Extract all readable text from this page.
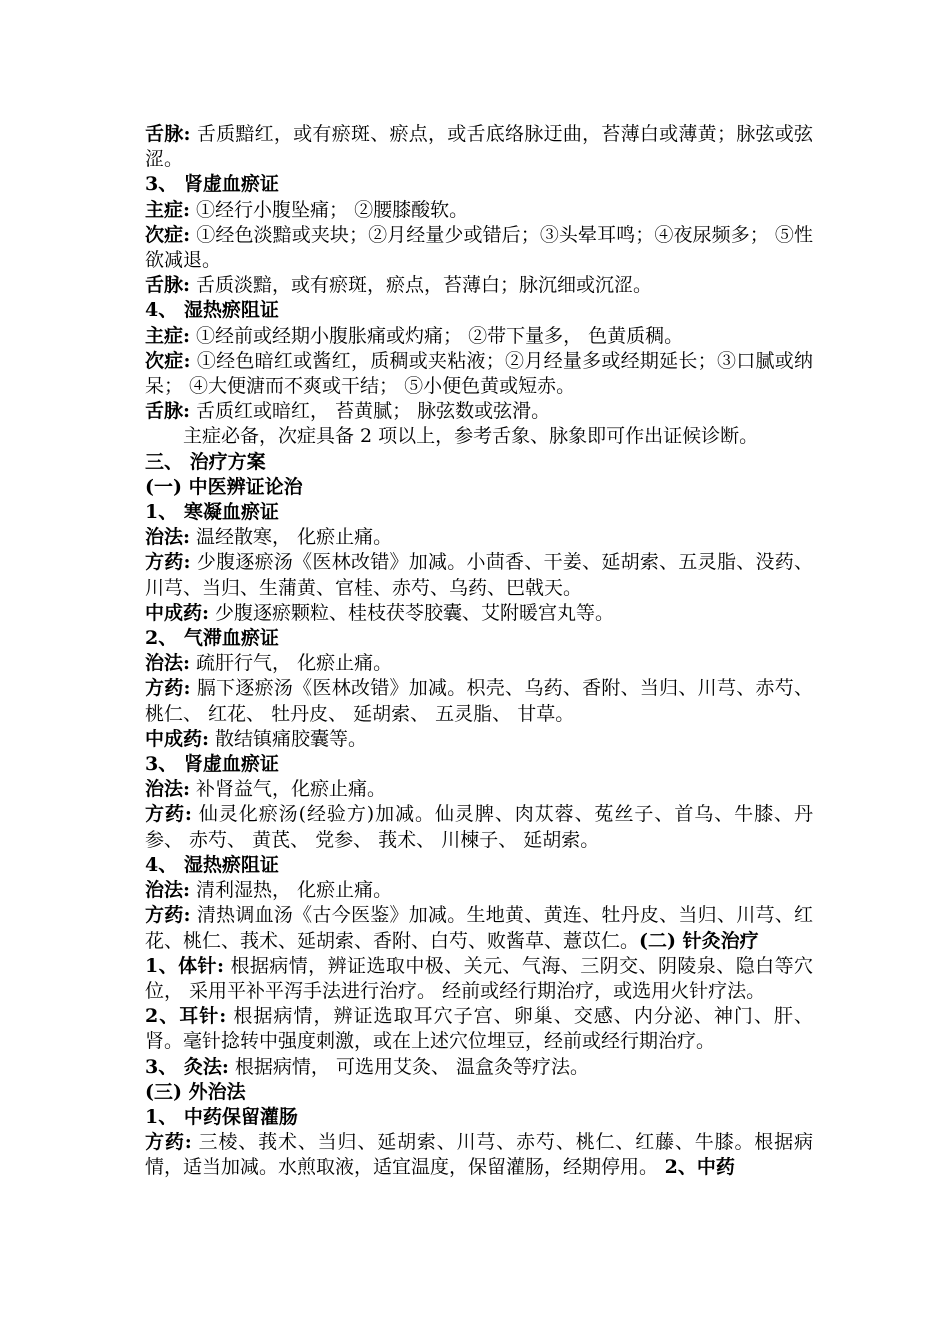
舌脉: 舌质黯红，或有瘀斑、瘀点，或舌底络脉迂曲，苔薄白或薄黄；脉弦或弦涩。

3、 肾虚血瘀证

主症: ①经行小腹坠痛； ②腰膝酸软。

次症: ①经色淡黯或夹块；②月经量少或错后；③头晕耳鸣；④夜尿频多； ⑤性欲减退。

舌脉: 舌质淡黯，或有瘀斑，瘀点，苔薄白；脉沉细或沉涩。

4、 湿热瘀阻证

主症: ①经前或经期小腹胀痛或灼痛； ②带下量多， 色黄质稠。

次症: ①经色暗红或酱红，质稠或夹粘液；②月经量多或经期延长；③口腻或纳呆； ④大便溏而不爽或干结； ⑤小便色黄或短赤。

舌脉: 舌质红或暗红， 苔黄腻； 脉弦数或弦滑。

主症必备，次症具备 2 项以上，参考舌象、脉象即可作出证候诊断。

三、 治疗方案

(一) 中医辨证论治

1、 寒凝血瘀证

治法: 温经散寒， 化瘀止痛。

方药: 少腹逐瘀汤《医林改错》加减。小茴香、干姜、延胡索、五灵脂、没药、川芎、当归、生蒲黄、官桂、赤芍、乌药、巴戟天。

中成药: 少腹逐瘀颗粒、桂枝茯苓胶囊、艾附暖宫丸等。

2、 气滞血瘀证

治法: 疏肝行气， 化瘀止痛。

方药: 膈下逐瘀汤《医林改错》加减。枳壳、乌药、香附、当归、川芎、赤芍、 桃仁、 红花、 牡丹皮、 延胡索、 五灵脂、 甘草。

中成药: 散结镇痛胶囊等。

3、 肾虚血瘀证

治法: 补肾益气，化瘀止痛。

方药: 仙灵化瘀汤(经验方)加减。仙灵脾、肉苁蓉、菟丝子、首乌、牛膝、丹参、 赤芍、 黄芪、 党参、 莪术、 川楝子、 延胡索。

4、 湿热瘀阻证

治法: 清利湿热， 化瘀止痛。

方药: 清热调血汤《古今医鉴》加减。生地黄、黄连、牡丹皮、当归、川芎、红花、桃仁、莪术、延胡索、香附、白芍、败酱草、薏苡仁。(二) 针灸治疗

1、体针: 根据病情，辨证选取中极、关元、气海、三阴交、阴陵泉、隐白等穴位， 采用平补平泻手法进行治疗。 经前或经行期治疗，或选用火针疗法。

2、耳针: 根据病情，辨证选取耳穴子宫、卵巢、交感、内分泌、神门、肝、肾。毫针捻转中强度刺激，或在上述穴位埋豆，经前或经行期治疗。

3、 灸法: 根据病情， 可选用艾灸、 温盒灸等疗法。

(三) 外治法

1、 中药保留灌肠

方药: 三棱、莪术、当归、延胡索、川芎、赤芍、桃仁、红藤、牛膝。根据病情，适当加减。水煎取液，适宜温度，保留灌肠，经期停用。 2、中药
